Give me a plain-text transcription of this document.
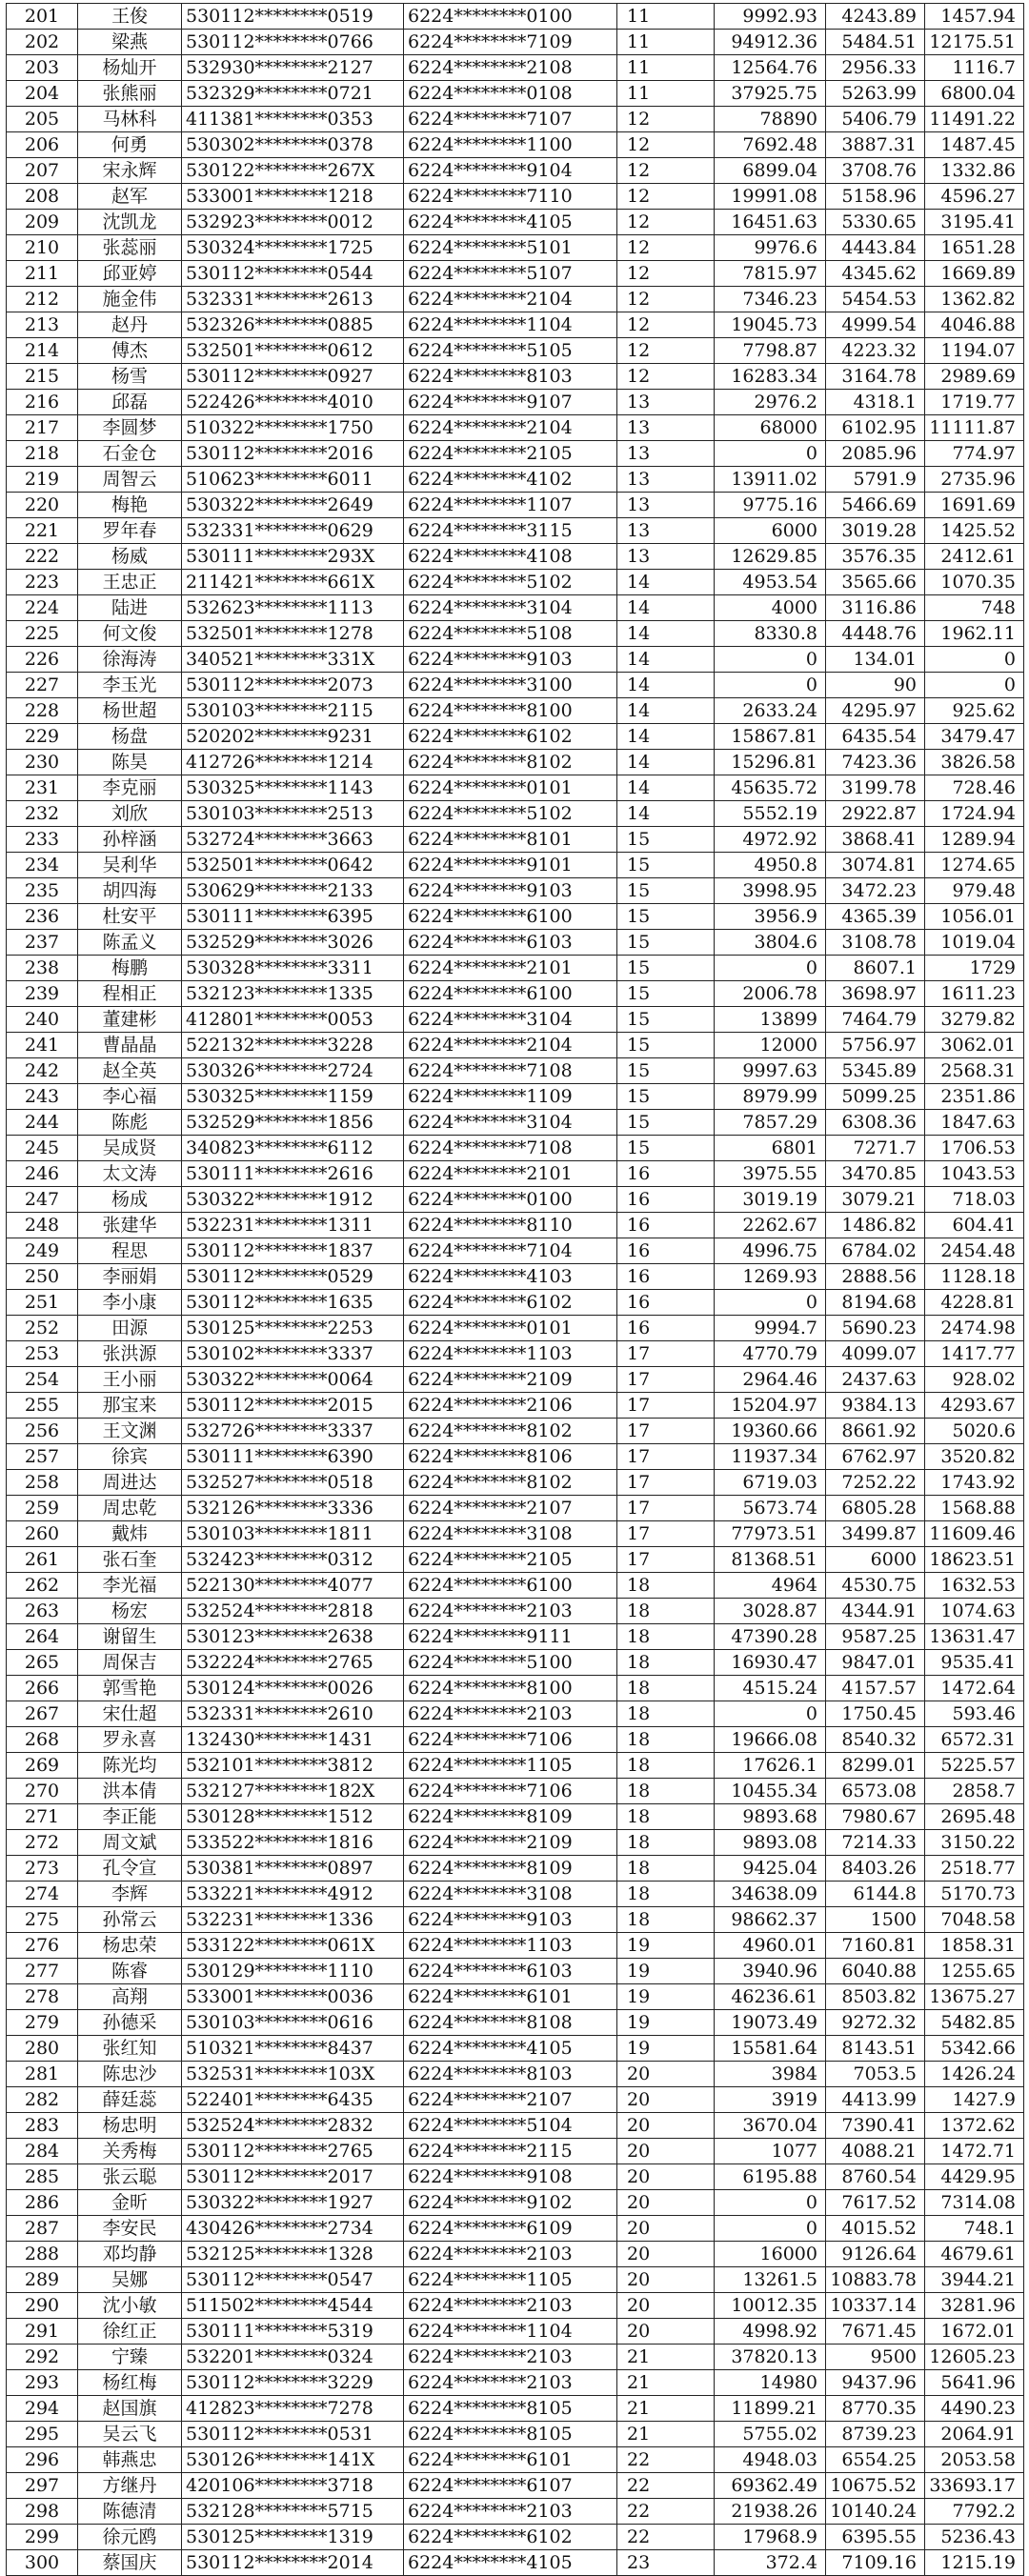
201	王俊	530112********0519	6224********0100	11	9992.93	4243.89	1457.94
202	梁燕	530112********0766	6224********7109	11	94912.36	5484.51	12175.51
203	杨灿开	532930********2127	6224********2108	11	12564.76	2956.33	1116.7
204	张熊丽	532329********0721	6224********0108	11	37925.75	5263.99	6800.04
205	马林科	411381********0353	6224********7107	12	78890	5406.79	11491.22
206	何勇	530302********0378	6224********1100	12	7692.48	3887.31	1487.45
207	宋永辉	530122********267X	6224********9104	12	6899.04	3708.76	1332.86
208	赵军	533001********1218	6224********7110	12	19991.08	5158.96	4596.27
209	沈凯龙	532923********0012	6224********4105	12	16451.63	5330.65	3195.41
210	张蕊丽	530324********1725	6224********5101	12	9976.6	4443.84	1651.28
211	邱亚婷	530112********0544	6224********5107	12	7815.97	4345.62	1669.89
212	施金伟	532331********2613	6224********2104	12	7346.23	5454.53	1362.82
213	赵丹	532326********0885	6224********1104	12	19045.73	4999.54	4046.88
214	傅杰	532501********0612	6224********5105	12	7798.87	4223.32	1194.07
215	杨雪	530112********0927	6224********8103	12	16283.34	3164.78	2989.69
216	邱磊	522426********4010	6224********9107	13	2976.2	4318.1	1719.77
217	李圆梦	510322********1750	6224********2104	13	68000	6102.95	11111.87
218	石金仓	530112********2016	6224********2105	13	0	2085.96	774.97
219	周智云	510623********6011	6224********4102	13	13911.02	5791.9	2735.96
220	梅艳	530322********2649	6224********1107	13	9775.16	5466.69	1691.69
221	罗年春	532331********0629	6224********3115	13	6000	3019.28	1425.52
222	杨威	530111********293X	6224********4108	13	12629.85	3576.35	2412.61
223	王忠正	211421********661X	6224********5102	14	4953.54	3565.66	1070.35
224	陆进	532623********1113	6224********3104	14	4000	3116.86	748
225	何文俊	532501********1278	6224********5108	14	8330.8	4448.76	1962.11
226	徐海涛	340521********331X	6224********9103	14	0	134.01	0
227	李玉光	530112********2073	6224********3100	14	0	90	0
228	杨世超	530103********2115	6224********8100	14	2633.24	4295.97	925.62
229	杨盘	520202********9231	6224********6102	14	15867.81	6435.54	3479.47
230	陈昊	412726********1214	6224********8102	14	15296.81	7423.36	3826.58
231	李克丽	530325********1143	6224********0101	14	45635.72	3199.78	728.46
232	刘欣	530103********2513	6224********5102	14	5552.19	2922.87	1724.94
233	孙梓涵	532724********3663	6224********8101	15	4972.92	3868.41	1289.94
234	吴利华	532501********0642	6224********9101	15	4950.8	3074.81	1274.65
235	胡四海	530629********2133	6224********9103	15	3998.95	3472.23	979.48
236	杜安平	530111********6395	6224********6100	15	3956.9	4365.39	1056.01
237	陈孟义	532529********3026	6224********6103	15	3804.6	3108.78	1019.04
238	梅鹏	530328********3311	6224********2101	15	0	8607.1	1729
239	程相正	532123********1335	6224********6100	15	2006.78	3698.97	1611.23
240	董建彬	412801********0053	6224********3104	15	13899	7464.79	3279.82
241	曹晶晶	522132********3228	6224********2104	15	12000	5756.97	3062.01
242	赵全英	530326********2724	6224********7108	15	9997.63	5345.89	2568.31
243	李心福	530325********1159	6224********1109	15	8979.99	5099.25	2351.86
244	陈彪	532529********1856	6224********3104	15	7857.29	6308.36	1847.63
245	吴成贤	340823********6112	6224********7108	15	6801	7271.7	1706.53
246	太文涛	530111********2616	6224********2101	16	3975.55	3470.85	1043.53
247	杨成	530322********1912	6224********0100	16	3019.19	3079.21	718.03
248	张建华	532231********1311	6224********8110	16	2262.67	1486.82	604.41
249	程思	530112********1837	6224********7104	16	4996.75	6784.02	2454.48
250	李丽娟	530112********0529	6224********4103	16	1269.93	2888.56	1128.18
251	李小康	530112********1635	6224********6102	16	0	8194.68	4228.81
252	田源	530125********2253	6224********0101	16	9994.7	5690.23	2474.98
253	张洪源	530102********3337	6224********1103	17	4770.79	4099.07	1417.77
254	王小丽	530322********0064	6224********2109	17	2964.46	2437.63	928.02
255	那宝来	530112********2015	6224********2106	17	15204.97	9384.13	4293.67
256	王文渊	532726********3337	6224********8102	17	19360.66	8661.92	5020.6
257	徐宾	530111********6390	6224********8106	17	11937.34	6762.97	3520.82
258	周进达	532527********0518	6224********8102	17	6719.03	7252.22	1743.92
259	周忠乾	532126********3336	6224********2107	17	5673.74	6805.28	1568.88
260	戴炜	530103********1811	6224********3108	17	77973.51	3499.87	11609.46
261	张石奎	532423********0312	6224********2105	17	81368.51	6000	18623.51
262	李光福	522130********4077	6224********6100	18	4964	4530.75	1632.53
263	杨宏	532524********2818	6224********2103	18	3028.87	4344.91	1074.63
264	谢留生	530123********2638	6224********9111	18	47390.28	9587.25	13631.47
265	周保吉	532224********2765	6224********5100	18	16930.47	9847.01	9535.41
266	郭雪艳	530124********0026	6224********8100	18	4515.24	4157.57	1472.64
267	宋仕超	532331********2610	6224********2103	18	0	1750.45	593.46
268	罗永喜	132430********1431	6224********7106	18	19666.08	8540.32	6572.31
269	陈光均	532101********3812	6224********1105	18	17626.1	8299.01	5225.57
270	洪本倩	532127********182X	6224********7106	18	10455.34	6573.08	2858.7
271	李正能	530128********1512	6224********8109	18	9893.68	7980.67	2695.48
272	周文斌	533522********1816	6224********2109	18	9893.08	7214.33	3150.22
273	孔令宣	530381********0897	6224********8109	18	9425.04	8403.26	2518.77
274	李辉	533221********4912	6224********3108	18	34638.09	6144.8	5170.73
275	孙常云	532231********1336	6224********9103	18	98662.37	1500	7048.58
276	杨忠荣	533122********061X	6224********1103	19	4960.01	7160.81	1858.31
277	陈睿	530129********1110	6224********6103	19	3940.96	6040.88	1255.65
278	高翔	533001********0036	6224********6101	19	46236.61	8503.82	13675.27
279	孙德采	530103********0616	6224********8108	19	19073.49	9272.32	5482.85
280	张红知	510321********8437	6224********4105	19	15581.64	8143.51	5342.66
281	陈忠沙	532531********103X	6224********8103	20	3984	7053.5	1426.24
282	薛廷蕊	522401********6435	6224********2107	20	3919	4413.99	1427.9
283	杨忠明	532524********2832	6224********5104	20	3670.04	7390.41	1372.62
284	关秀梅	530112********2765	6224********2115	20	1077	4088.21	1472.71
285	张云聪	530112********2017	6224********9108	20	6195.88	8760.54	4429.95
286	金昕	530322********1927	6224********9102	20	0	7617.52	7314.08
287	李安民	430426********2734	6224********6109	20	0	4015.52	748.1
288	邓均静	532125********1328	6224********2103	20	16000	9126.64	4679.61
289	吴娜	530112********0547	6224********1105	20	13261.5	10883.78	3944.21
290	沈小敏	511502********4544	6224********2103	20	10012.35	10337.14	3281.96
291	徐红正	530111********5319	6224********1104	20	4998.92	7671.45	1672.01
292	宁臻	532201********0324	6224********2103	21	37820.13	9500	12605.23
293	杨红梅	530112********3229	6224********2103	21	14980	9437.96	5641.96
294	赵国旗	412823********7278	6224********8105	21	11899.21	8770.35	4490.23
295	吴云飞	530112********0531	6224********8105	21	5755.02	8739.23	2064.91
296	韩燕忠	530126********141X	6224********6101	22	4948.03	6554.25	2053.58
297	方继丹	420106********3718	6224********6107	22	69362.49	10675.52	33693.17
298	陈德清	532128********5715	6224********2103	22	21938.26	10140.24	7792.2
299	徐元鸥	530125********1319	6224********6102	22	17968.9	6395.55	5236.43
300	蔡国庆	530112********2014	6224********4105	23	372.4	7109.16	1215.19
